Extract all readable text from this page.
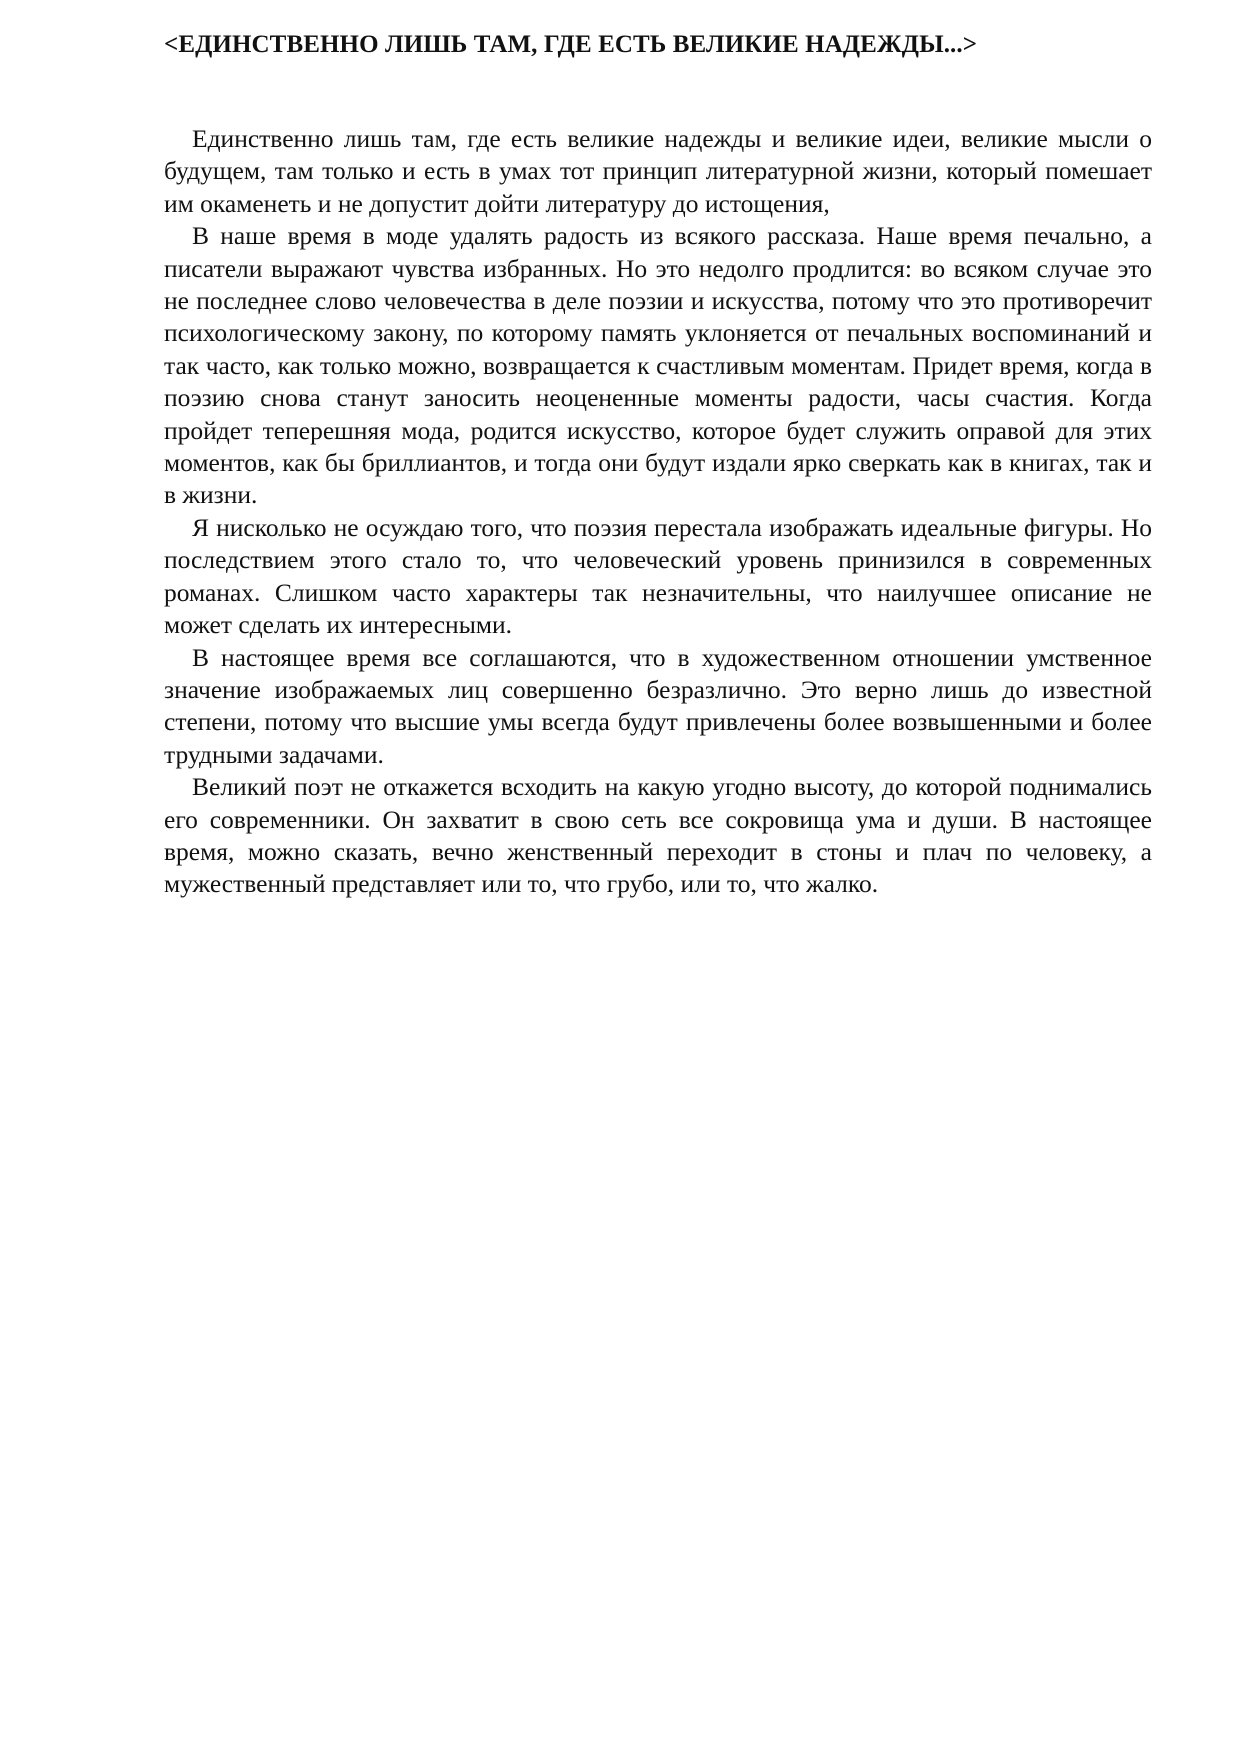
<ЕДИНСТВЕННО ЛИШЬ ТАМ, ГДЕ ЕСТЬ ВЕЛИКИЕ НАДЕЖДЫ...>

Единственно лишь там, где есть великие надежды и великие идеи, великие мысли о будущем, там только и есть в умах тот принцип литературной жизни, который помешает им окаменеть и не допустит дойти литературу до истощения,

В наше время в моде удалять радость из всякого рассказа. Наше время печально, а писатели выражают чувства избранных. Но это недолго продлится: во всяком случае это не последнее слово человечества в деле поэзии и искусства, потому что это противоречит психологическому закону, по которому память уклоняется от печальных воспоминаний и так часто, как только можно, возвращается к счастливым моментам. Придет время, когда в поэзию снова станут заносить неоцененные моменты радости, часы счастия. Когда пройдет теперешняя мода, родится искусство, которое будет служить оправой для этих моментов, как бы бриллиантов, и тогда они будут издали ярко сверкать как в книгах, так и в жизни.

Я нисколько не осуждаю того, что поэзия перестала изображать идеальные фигуры. Но последствием этого стало то, что человеческий уровень принизился в современных романах. Слишком часто характеры так незначительны, что наилучшее описание не может сделать их интересными.

В настоящее время все соглашаются, что в художественном отношении умственное значение изображаемых лиц совершенно безразлично. Это верно лишь до известной степени, потому что высшие умы всегда будут привлечены более возвышенными и более трудными задачами.

Великий поэт не откажется всходить на какую угодно высоту, до которой поднимались его современники. Он захватит в свою сеть все сокровища ума и души. В настоящее время, можно сказать, вечно женственный переходит в стоны и плач по человеку, а мужественный представляет или то, что грубо, или то, что жалко.
